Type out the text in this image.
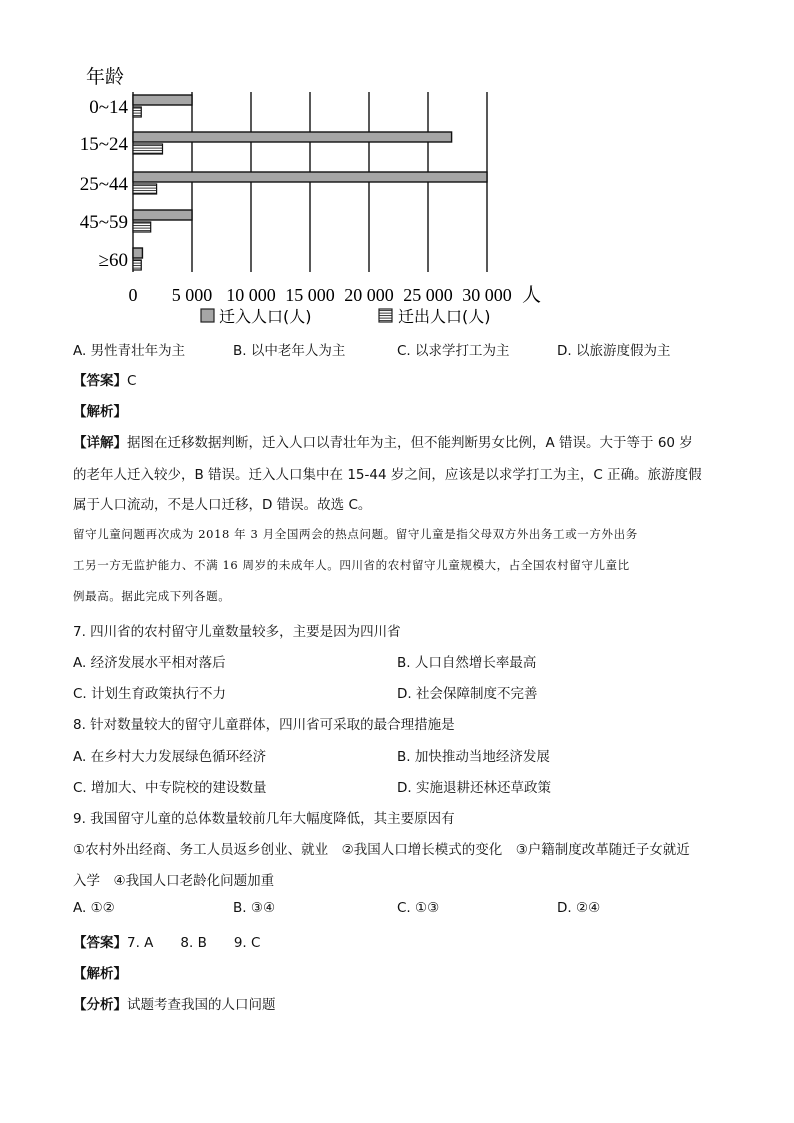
年龄
0~14
15~24
25~44
45~59
≥60
0 5 000 10 000 15 000 20 000 25 000 30 000 人
迁入人口(人)	迁出人口(人)
A. 男性青壮年为主	B. 以中老年人为主	C. 以求学打工为主	D. 以旅游度假为主
【答案】C
【解析】
【详解】据图在迁移数据判断，迁入人口以青壮年为主，但不能判断男女比例，A 错误。大于等于 60 岁
的老年人迁入较少，B 错误。迁入人口集中在 15-44 岁之间，应该是以求学打工为主，C 正确。旅游度假
属于人口流动，不是人口迁移，D 错误。故选 C。
留守儿童问题再次成为 2018 年 3 月全国两会的热点问题。留守儿童是指父母双方外出务工或一方外出务
工另一方无监护能力、不满 16 周岁的未成年人。四川省的农村留守儿童规模大，占全国农村留守儿童比
例最高。据此完成下列各题。
7. 四川省的农村留守儿童数量较多，主要是因为四川省
A. 经济发展水平相对落后	B. 人口自然增长率最高
C. 计划生育政策执行不力	D. 社会保障制度不完善
8. 针对数量较大的留守儿童群体，四川省可采取的最合理措施是
A. 在乡村大力发展绿色循环经济	B. 加快推动当地经济发展
C. 增加大、中专院校的建设数量	D. 实施退耕还林还草政策
9. 我国留守儿童的总体数量较前几年大幅度降低，其主要原因有
①农村外出经商、务工人员返乡创业、就业　②我国人口增长模式的变化　③户籍制度改革随迁子女就近
入学　④我国人口老龄化问题加重
A. ①②	B. ③④	C. ①③	D. ②④
【答案】7. A　　8. B　　9. C
【解析】
【分析】试题考查我国的人口问题
